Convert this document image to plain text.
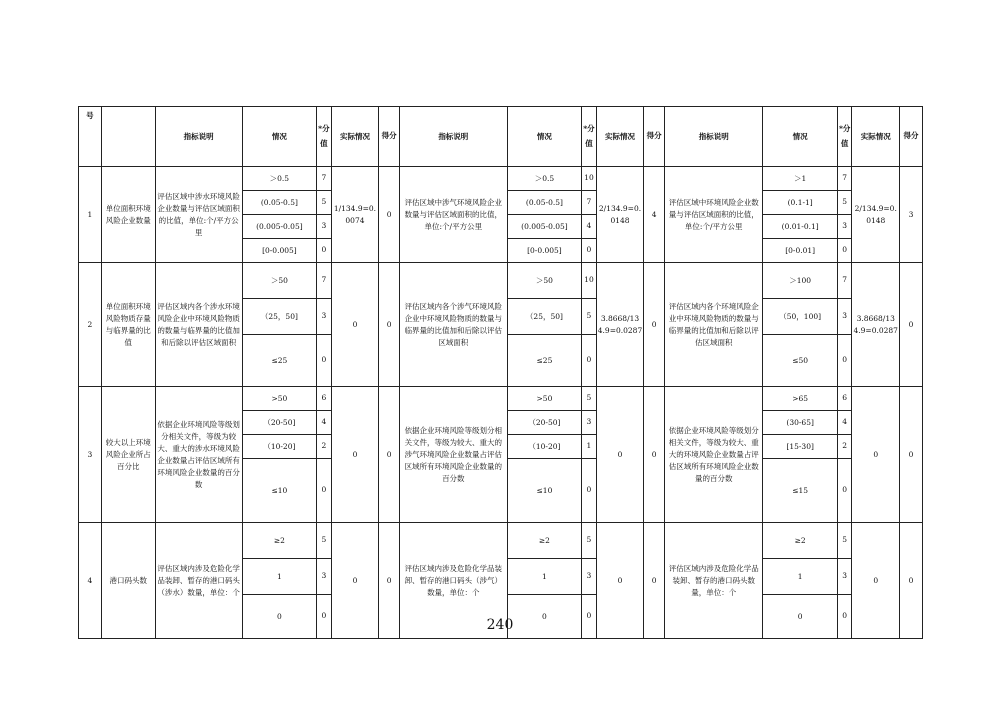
号		指标说明	情况	*分值	实际情况	得分	指标说明	情况	*分值	实际情况	得分	指标说明	情况	*分值	实际情况	得分
1	单位面积环境风险企业数量	评估区域中涉水环境风险企业数量与评估区域面积的比值，单位:个/平方公里	＞0.5	7	1/134.9=0.0074	0	评估区域中涉气环境风险企业数量与评估区域面积的比值，单位:个/平方公里	＞0.5	10	2/134.9=0.0148	4	评估区域中环境风险企业数量与评估区域面积的比值，单位:个/平方公里	＞1	7	2/134.9=0.0148	3
			(0.05-0.5]	5				(0.05-0.5]	7				(0.1-1]	5		
			(0.005-0.05]	3				(0.005-0.05]	4				(0.01-0.1]	3		
			[0-0.005]	0				[0-0.005]	0				[0-0.01]	0		
2	单位面积环境风险物质存量与临界量的比值	评估区域内各个涉水环境风险企业中环境风险物质的数量与临界量的比值加和后除以评估区域面积	＞50	7	0	0	评估区域内各个涉气环境风险企业中环境风险物质的数量与临界量的比值加和后除以评估区域面积	＞50	10	3.8668/134.9=0.0287	0	评估区域内各个环境风险企业中环境风险物质的数量与临界量的比值加和后除以评估区域面积	＞100	7	3.8668/134.9=0.0287	0
			（25，50]	3				（25，50]	5				（50，100]	3		
			≤25	0				≤25	0				≤50	0		
3	较大以上环境风险企业所占百分比	依据企业环境风险等级划分相关文件，等级为较大、重大的涉水环境风险企业数量占评估区域所有环境风险企业数量的百分数	>50	6	0	0	依据企业环境风险等级划分相关文件，等级为较大、重大的涉气环境风险企业数量占评估区域所有环境风险企业数量的百分数	>50	5	0	0	依据企业环境风险等级划分相关文件，等级为较大、重大的环境风险企业数量占评估区域所有环境风险企业数量的百分数	>65	6	0	0
			（20-50]	4				（20-50]	3				(30-65]	4		
			（10-20]	2				（10-20]	1				[15-30]	2		
			≤10	0				≤10	0				≤15	0		
4	港口码头数	评估区域内涉及危险化学品装卸、暂存的港口码头（涉水）数量，单位：个	≥2	5	0	0	评估区域内涉及危险化学品装卸、暂存的港口码头（涉气）数量，单位：个	≥2	5	0	0	评估区域内涉及危险化学品装卸、暂存的港口码头数量，单位：个	≥2	5	0	0
			1	3				1	3				1	3		
			0	0				0	0				0	0		
240
